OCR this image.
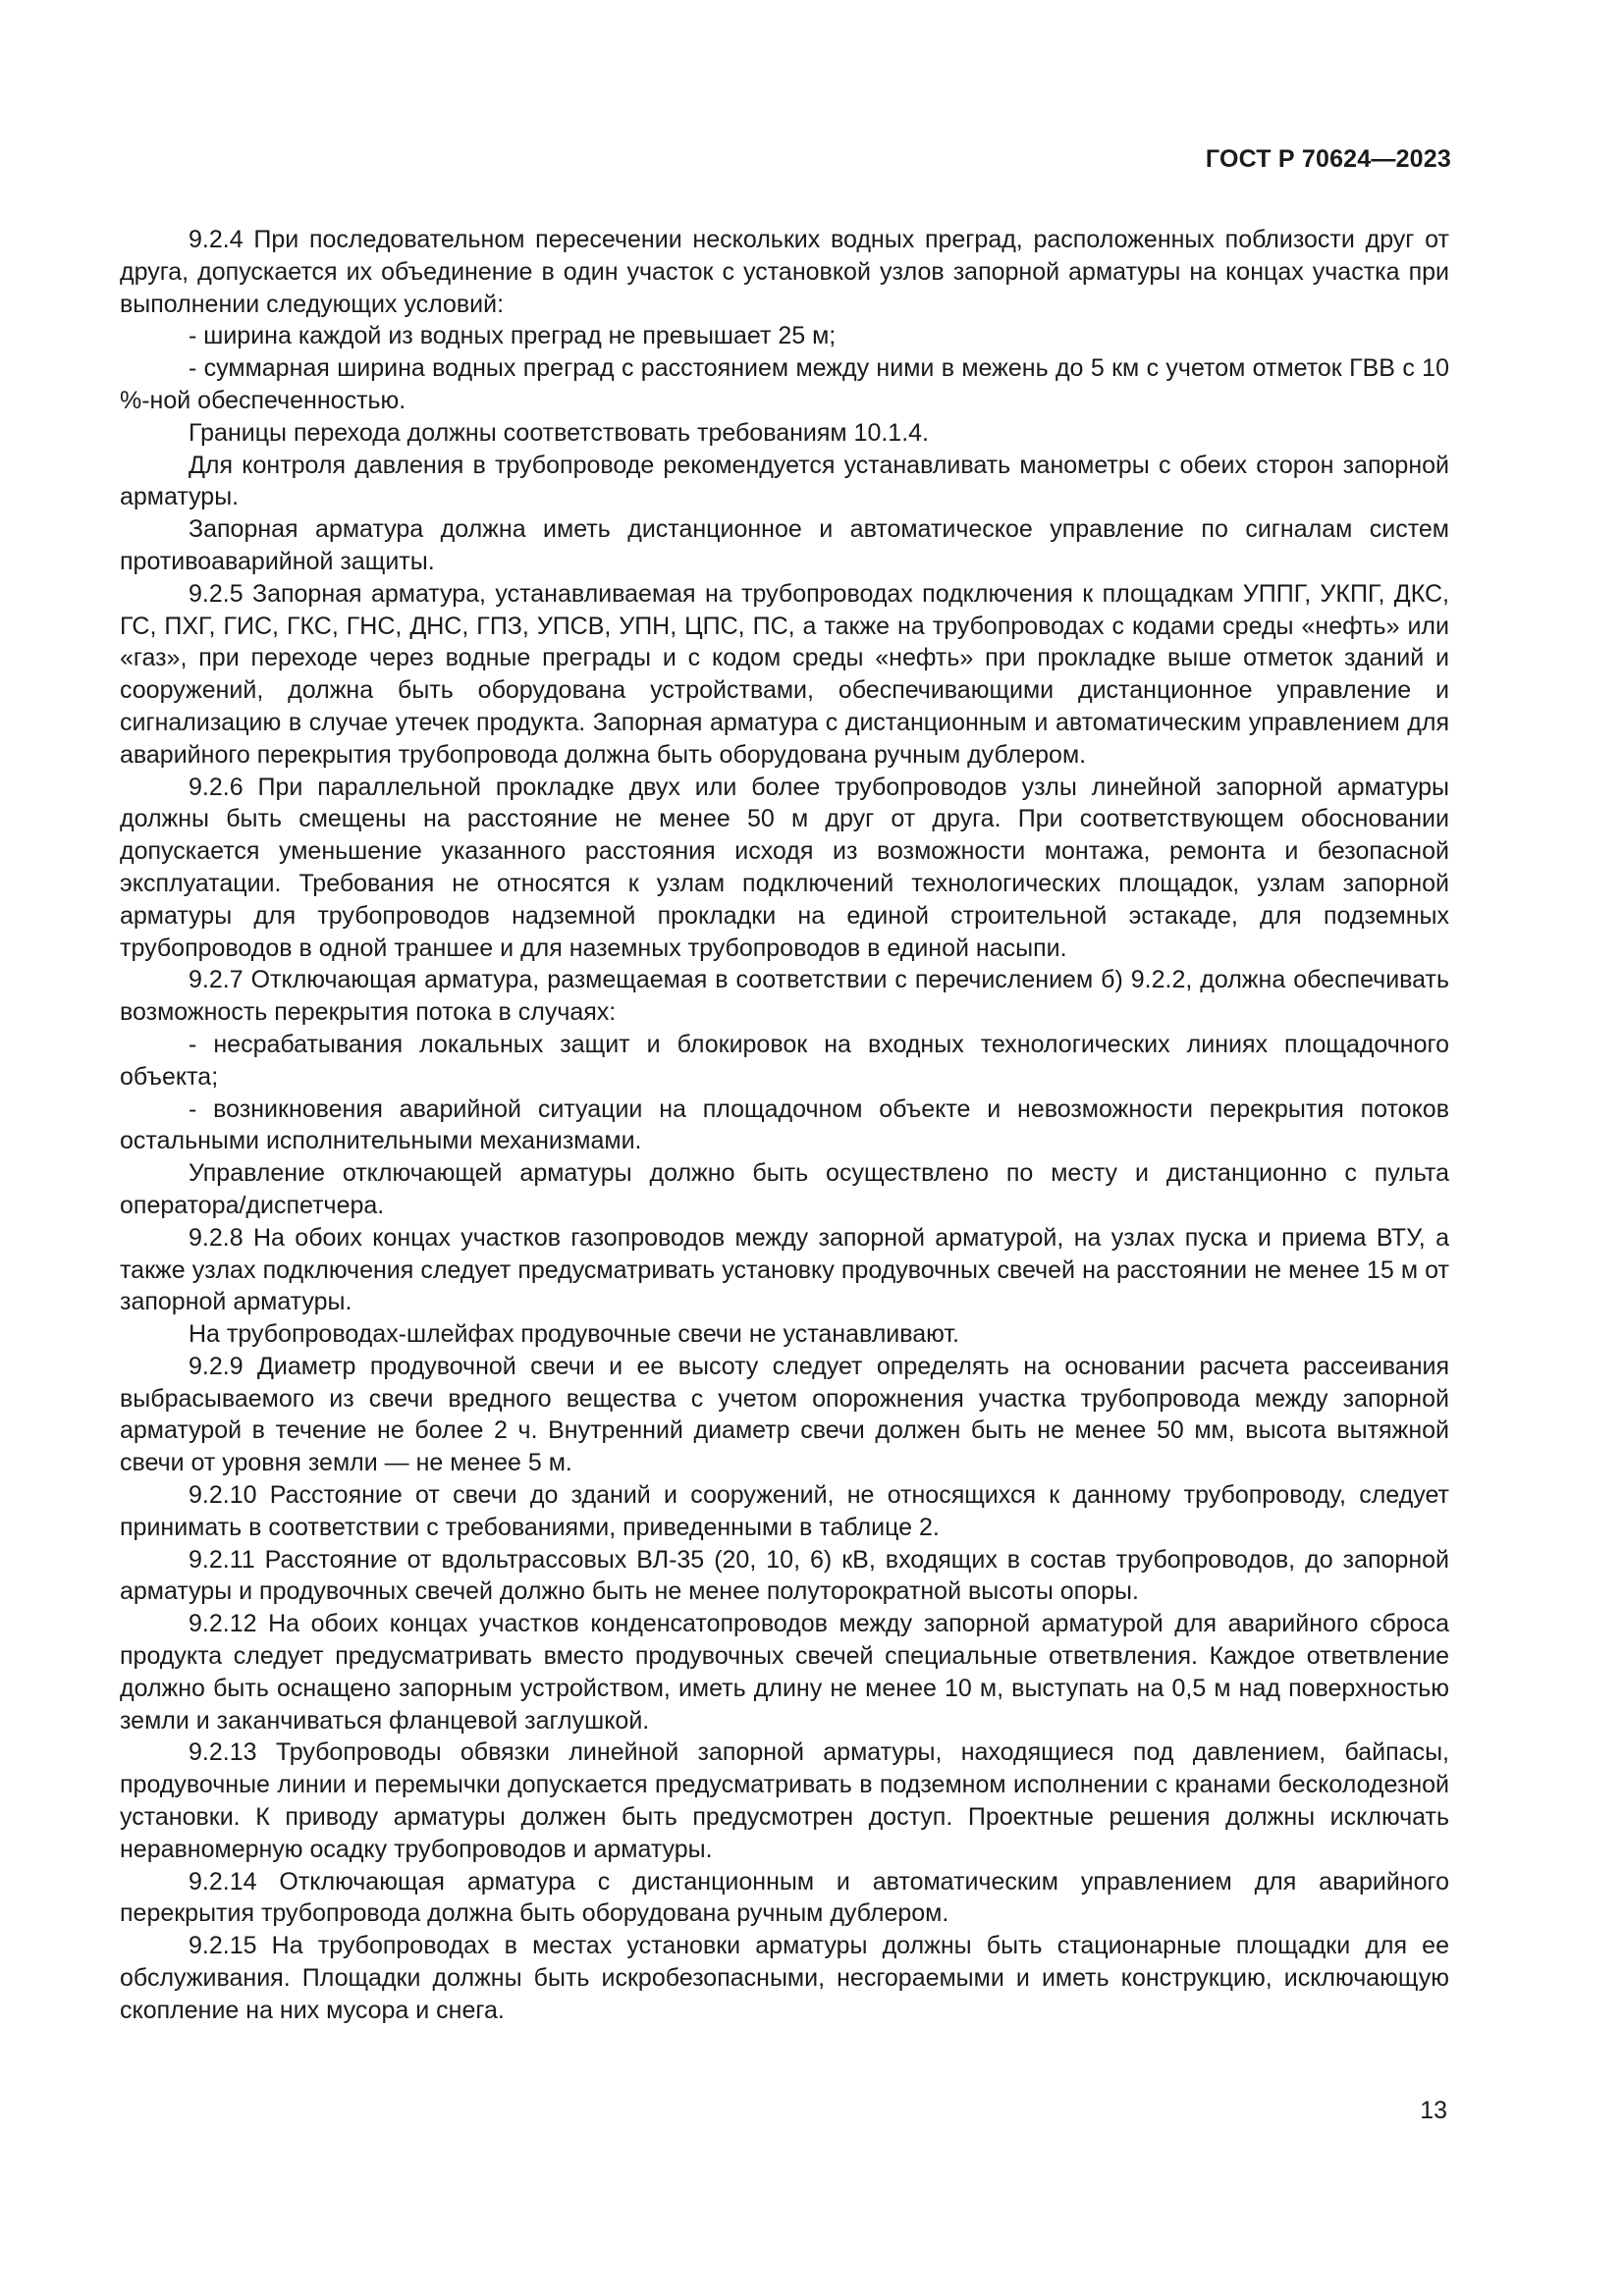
ГОСТ Р 70624—2023

9.2.4 При последовательном пересечении нескольких водных преград, расположенных поблизости друг от друга, допускается их объединение в один участок с установкой узлов запорной арматуры на концах участка при выполнении следующих условий:

- ширина каждой из водных преград не превышает 25 м;

- суммарная ширина водных преград с расстоянием между ними в межень до 5 км с учетом отметок ГВВ с 10 %-ной обеспеченностью.

Границы перехода должны соответствовать требованиям 10.1.4.

Для контроля давления в трубопроводе рекомендуется устанавливать манометры с обеих сторон запорной арматуры.

Запорная арматура должна иметь дистанционное и автоматическое управление по сигналам систем противоаварийной защиты.

9.2.5 Запорная арматура, устанавливаемая на трубопроводах подключения к площадкам УППГ, УКПГ, ДКС, ГС, ПХГ, ГИС, ГКС, ГНС, ДНС, ГПЗ, УПСВ, УПН, ЦПС, ПС, а также на трубопроводах с кодами среды «нефть» или «газ», при переходе через водные преграды и с кодом среды «нефть» при прокладке выше отметок зданий и сооружений, должна быть оборудована устройствами, обеспечивающими дистанционное управление и сигнализацию в случае утечек продукта. Запорная арматура с дистанционным и автоматическим управлением для аварийного перекрытия трубопровода должна быть оборудована ручным дублером.

9.2.6 При параллельной прокладке двух или более трубопроводов узлы линейной запорной арматуры должны быть смещены на расстояние не менее 50 м друг от друга. При соответствующем обосновании допускается уменьшение указанного расстояния исходя из возможности монтажа, ремонта и безопасной эксплуатации. Требования не относятся к узлам подключений технологических площадок, узлам запорной арматуры для трубопроводов надземной прокладки на единой строительной эстакаде, для подземных трубопроводов в одной траншее и для наземных трубопроводов в единой насыпи.

9.2.7 Отключающая арматура, размещаемая в соответствии с перечислением б) 9.2.2, должна обеспечивать возможность перекрытия потока в случаях:

- несрабатывания локальных защит и блокировок на входных технологических линиях площадочного объекта;

- возникновения аварийной ситуации на площадочном объекте и невозможности перекрытия потоков остальными исполнительными механизмами.

Управление отключающей арматуры должно быть осуществлено по месту и дистанционно с пульта оператора/диспетчера.

9.2.8 На обоих концах участков газопроводов между запорной арматурой, на узлах пуска и приема ВТУ, а также узлах подключения следует предусматривать установку продувочных свечей на расстоянии не менее 15 м от запорной арматуры.

На трубопроводах-шлейфах продувочные свечи не устанавливают.

9.2.9 Диаметр продувочной свечи и ее высоту следует определять на основании расчета рассеивания выбрасываемого из свечи вредного вещества с учетом опорожнения участка трубопровода между запорной арматурой в течение не более 2 ч. Внутренний диаметр свечи должен быть не менее 50 мм, высота вытяжной свечи от уровня земли — не менее 5 м.

9.2.10 Расстояние от свечи до зданий и сооружений, не относящихся к данному трубопроводу, следует принимать в соответствии с требованиями, приведенными в таблице 2.

9.2.11 Расстояние от вдольтрассовых ВЛ-35 (20, 10, 6) кВ, входящих в состав трубопроводов, до запорной арматуры и продувочных свечей должно быть не менее полуторократной высоты опоры.

9.2.12 На обоих концах участков конденсатопроводов между запорной арматурой для аварийного сброса продукта следует предусматривать вместо продувочных свечей специальные ответвления. Каждое ответвление должно быть оснащено запорным устройством, иметь длину не менее 10 м, выступать на 0,5 м над поверхностью земли и заканчиваться фланцевой заглушкой.

9.2.13 Трубопроводы обвязки линейной запорной арматуры, находящиеся под давлением, байпасы, продувочные линии и перемычки допускается предусматривать в подземном исполнении с кранами бесколодезной установки. К приводу арматуры должен быть предусмотрен доступ. Проектные решения должны исключать неравномерную осадку трубопроводов и арматуры.

9.2.14 Отключающая арматура с дистанционным и автоматическим управлением для аварийного перекрытия трубопровода должна быть оборудована ручным дублером.

9.2.15 На трубопроводах в местах установки арматуры должны быть стационарные площадки для ее обслуживания. Площадки должны быть искробезопасными, несгораемыми и иметь конструкцию, исключающую скопление на них мусора и снега.

13
